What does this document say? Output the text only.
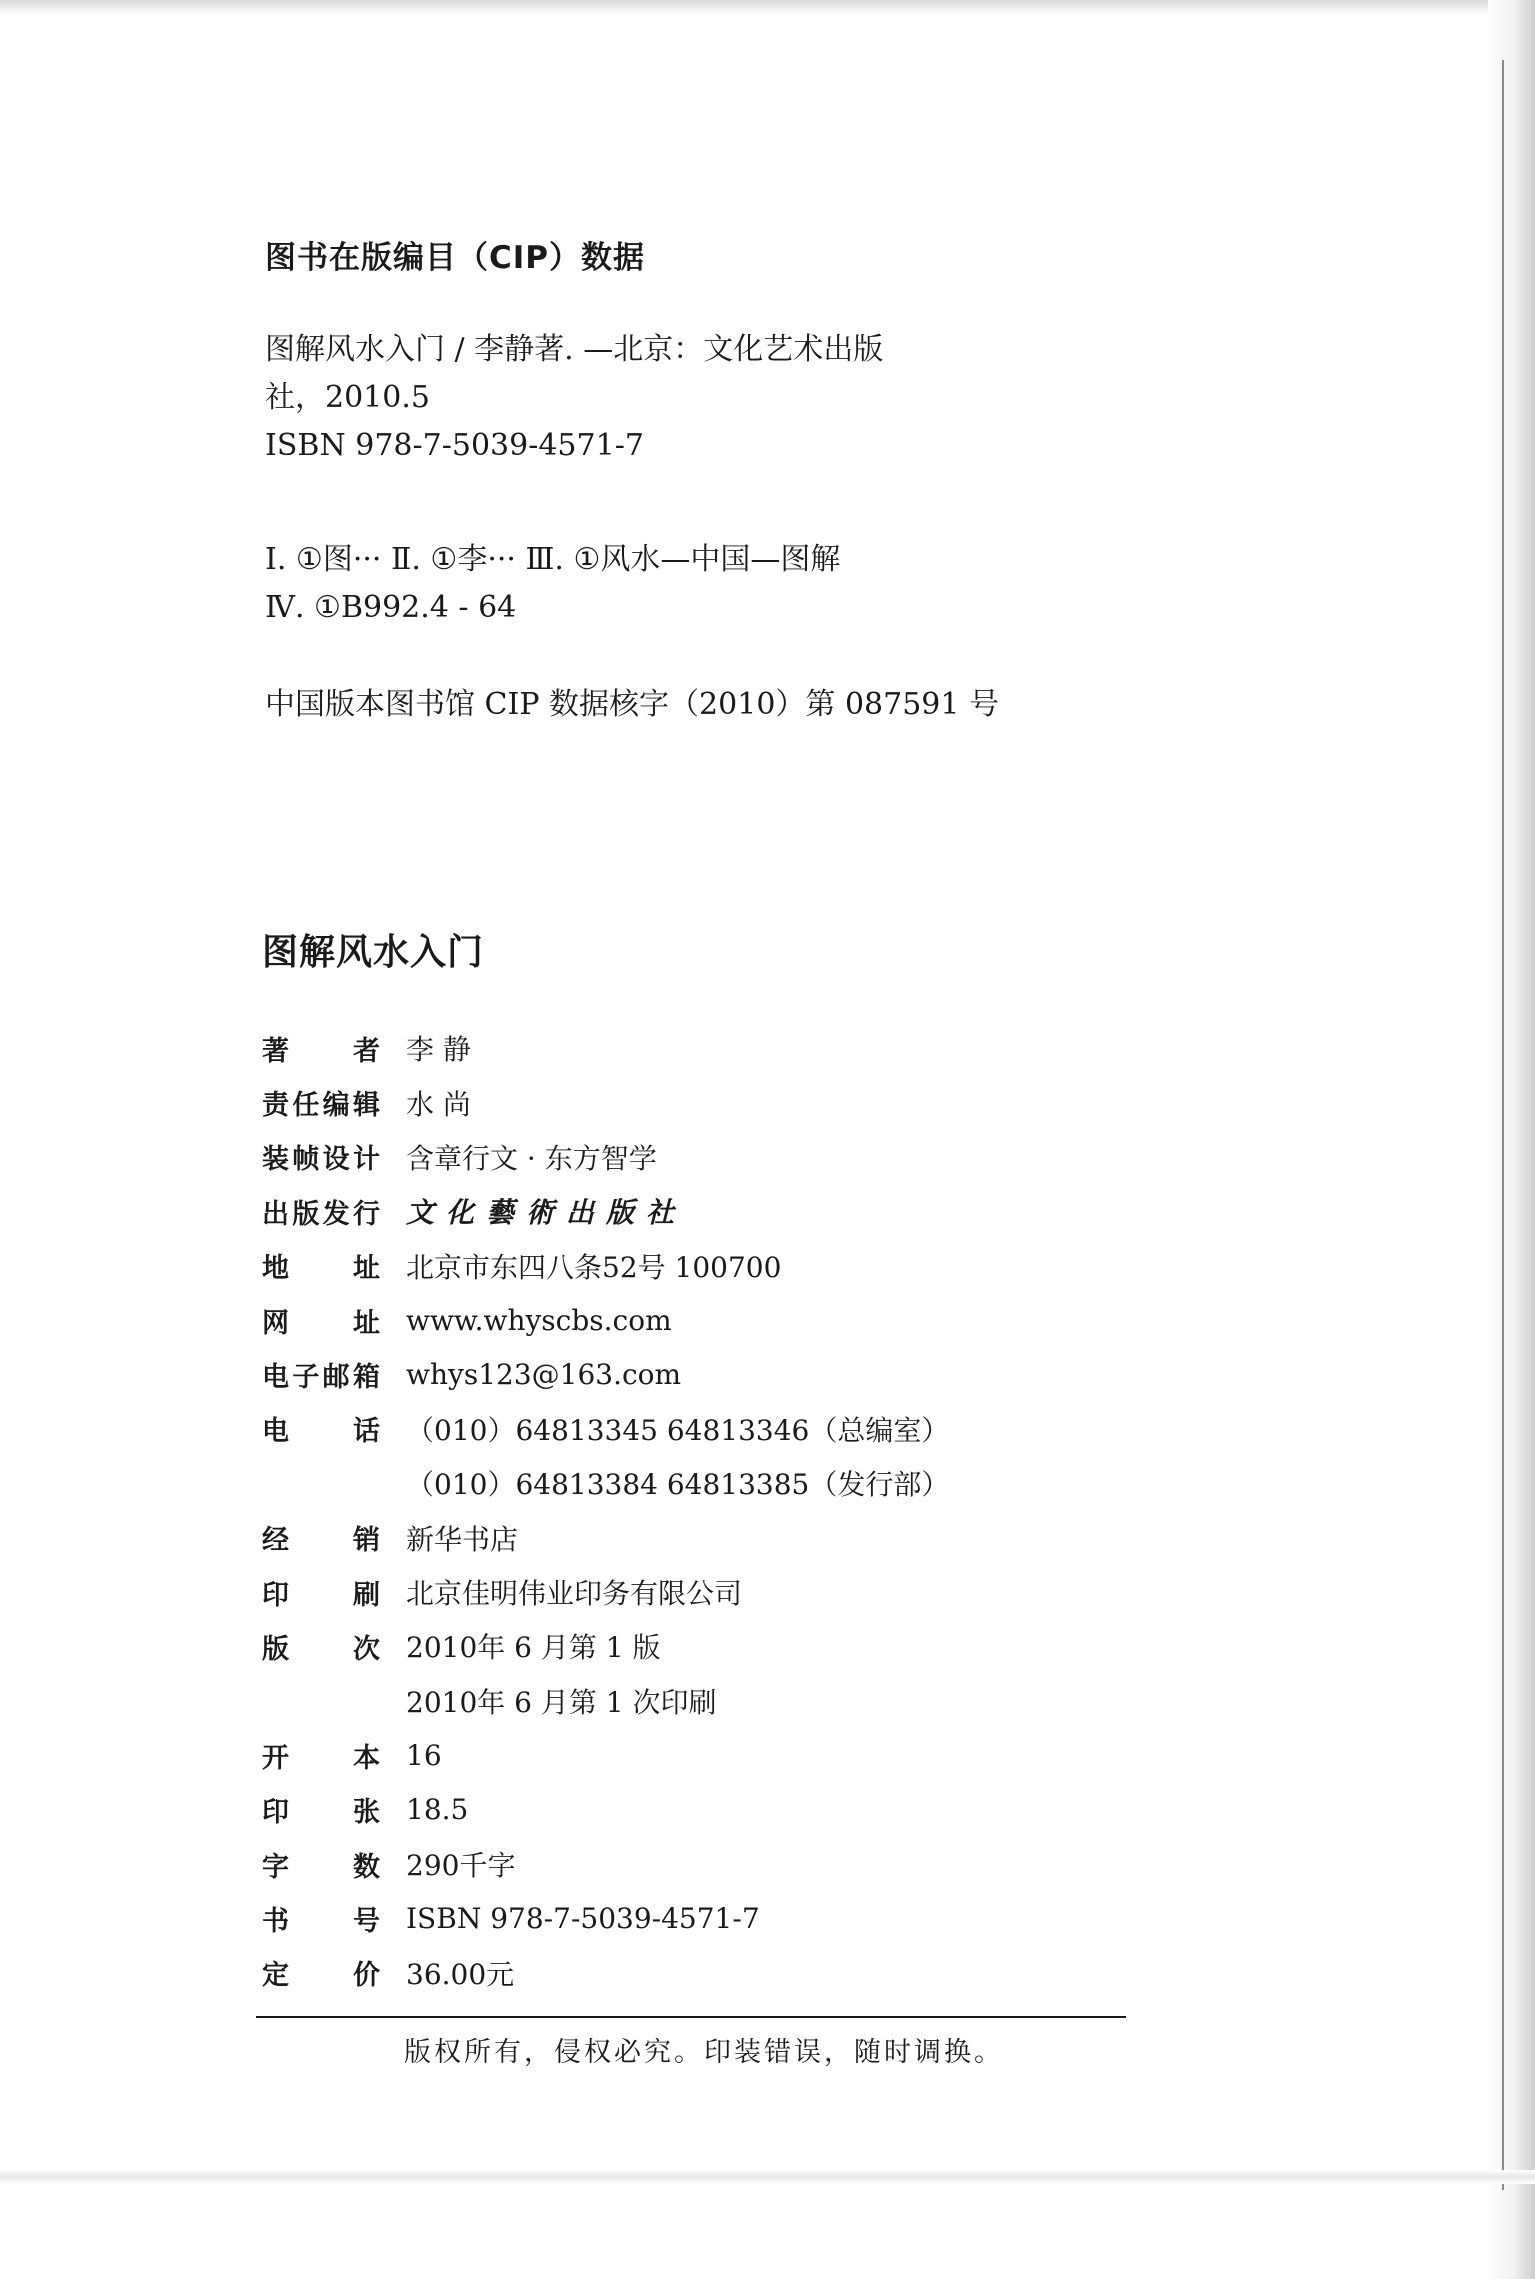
图书在版编目（CIP）数据

图解风水入门 / 李静著. —北京：文化艺术出版

社，2010.5

ISBN 978-7-5039-4571-7

Ⅰ. ①图··· Ⅱ. ①李··· Ⅲ. ①风水—中国—图解

Ⅳ. ①B992.4 - 64

中国版本图书馆 CIP 数据核字（2010）第 087591 号

图解风水入门
著 者 李 静
责 任 编 辑 水 尚
装 帧 设 计 含章行文 · 东方智学
出 版 发 行 文化藝術出版社
地 址 北京市东四八条52号 100700
网 址 www.whyscbs.com
电 子 邮 箱 whys123@163.com
电 话 （010）64813345 64813346（总编室）
（010）64813384 64813385（发行部）
经 销 新华书店
印 刷 北京佳明伟业印务有限公司
版 次 2010年 6 月第 1 版
2010年 6 月第 1 次印刷
开 本 16
印 张 18.5
字 数 290千字
书 号 ISBN 978-7-5039-4571-7
定 价 36.00元
版权所有，侵权必究。印装错误，随时调换。
